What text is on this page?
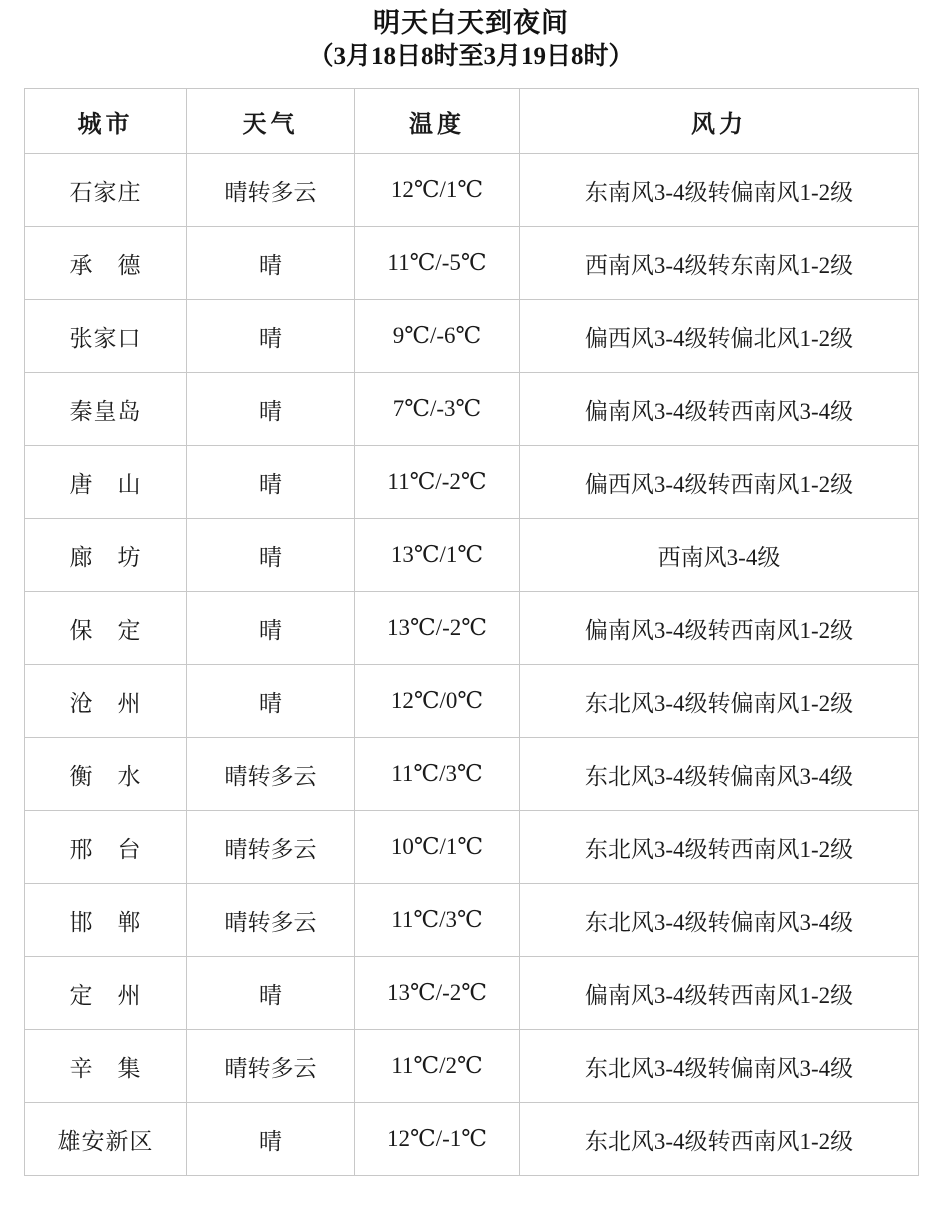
明天白天到夜间
（3月18日8时至3月19日8时）
城市	天气	温度	风力
石家庄	晴转多云	12℃/1℃	东南风3-4级转偏南风1-2级
承　德	晴	11℃/-5℃	西南风3-4级转东南风1-2级
张家口	晴	9℃/-6℃	偏西风3-4级转偏北风1-2级
秦皇岛	晴	7℃/-3℃	偏南风3-4级转西南风3-4级
唐　山	晴	11℃/-2℃	偏西风3-4级转西南风1-2级
廊　坊	晴	13℃/1℃	西南风3-4级
保　定	晴	13℃/-2℃	偏南风3-4级转西南风1-2级
沧　州	晴	12℃/0℃	东北风3-4级转偏南风1-2级
衡　水	晴转多云	11℃/3℃	东北风3-4级转偏南风3-4级
邢　台	晴转多云	10℃/1℃	东北风3-4级转西南风1-2级
邯　郸	晴转多云	11℃/3℃	东北风3-4级转偏南风3-4级
定　州	晴	13℃/-2℃	偏南风3-4级转西南风1-2级
辛　集	晴转多云	11℃/2℃	东北风3-4级转偏南风3-4级
雄安新区	晴	12℃/-1℃	东北风3-4级转西南风1-2级
